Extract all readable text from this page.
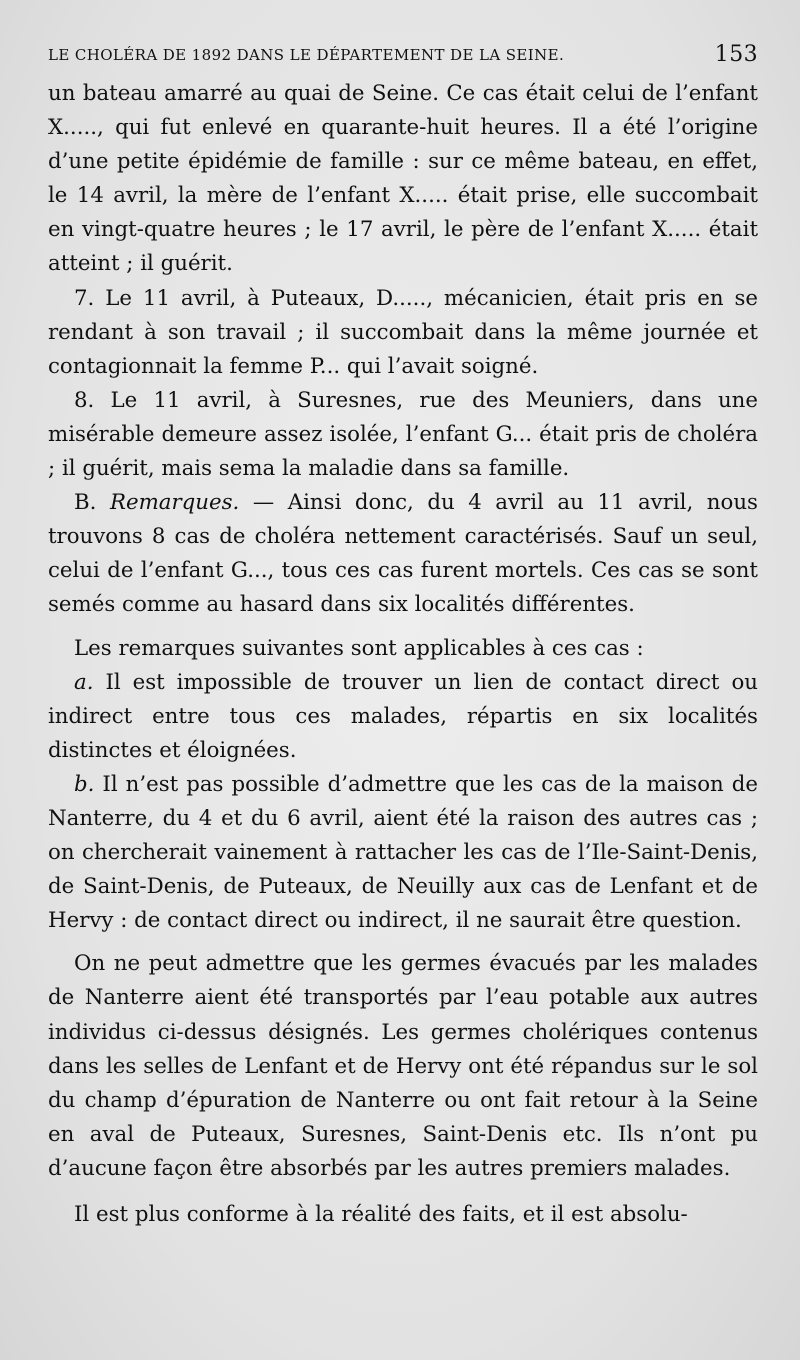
LE CHOLÉRA DE 1892 DANS LE DÉPARTEMENT DE LA SEINE.	153

un bateau amarré au quai de Seine. Ce cas était celui de l’enfant X....., qui fut enlevé en quarante-huit heures. Il a été l’origine d’une petite épidémie de famille : sur ce même bateau, en effet, le 14 avril, la mère de l’enfant X..... était prise, elle succombait en vingt-quatre heures ; le 17 avril, le père de l’enfant X..... était atteint ; il guérit.

7. Le 11 avril, à Puteaux, D....., mécanicien, était pris en se rendant à son travail ; il succombait dans la même journée et contagionnait la femme P... qui l’avait soigné.

8. Le 11 avril, à Suresnes, rue des Meuniers, dans une misérable demeure assez isolée, l’enfant G... était pris de choléra ; il guérit, mais sema la maladie dans sa famille.

B. Remarques. — Ainsi donc, du 4 avril au 11 avril, nous trouvons 8 cas de choléra nettement caractérisés. Sauf un seul, celui de l’enfant G..., tous ces cas furent mortels. Ces cas se sont semés comme au hasard dans six localités différentes.

Les remarques suivantes sont applicables à ces cas :

a. Il est impossible de trouver un lien de contact direct ou indirect entre tous ces malades, répartis en six localités distinctes et éloignées.

b. Il n’est pas possible d’admettre que les cas de la maison de Nanterre, du 4 et du 6 avril, aient été la raison des autres cas ; on chercherait vainement à rattacher les cas de l’Ile-Saint-Denis, de Saint-Denis, de Puteaux, de Neuilly aux cas de Lenfant et de Hervy : de contact direct ou indirect, il ne saurait être question.

On ne peut admettre que les germes évacués par les malades de Nanterre aient été transportés par l’eau potable aux autres individus ci-dessus désignés. Les germes cholériques contenus dans les selles de Lenfant et de Hervy ont été répandus sur le sol du champ d’épuration de Nanterre ou ont fait retour à la Seine en aval de Puteaux, Suresnes, Saint-Denis etc. Ils n’ont pu d’aucune façon être absorbés par les autres premiers malades.

Il est plus conforme à la réalité des faits, et il est absolu-
